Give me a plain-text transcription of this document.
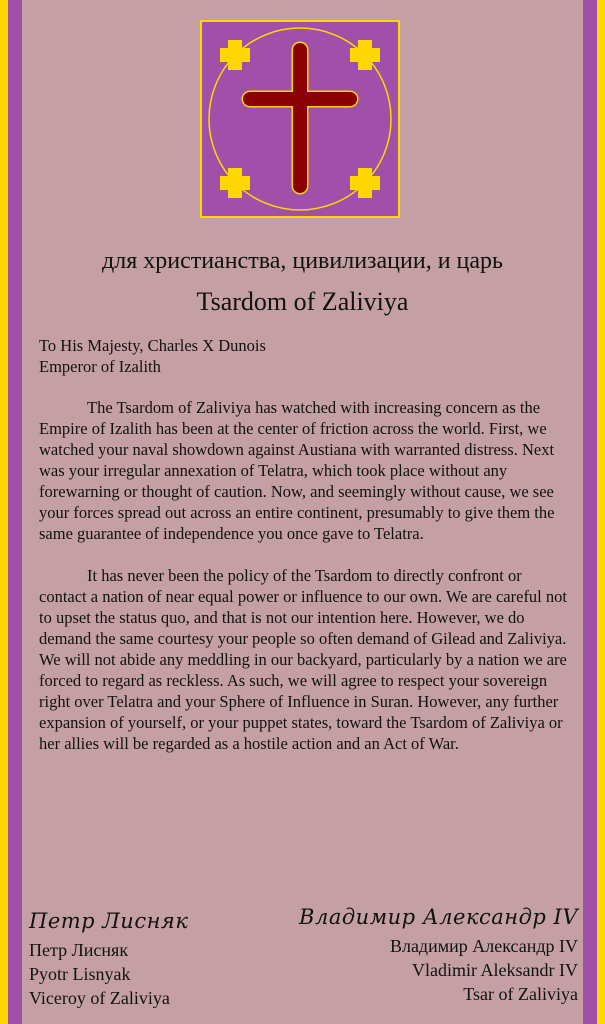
для христианства, цивилизации, и царь
Tsardom of Zaliviya
To His Majesty, Charles X Dunois
Emperor of Izalith

The Tsardom of Zaliviya has watched with increasing concern as the Empire of Izalith has been at the center of friction across the world. First, we watched your naval showdown against Austiana with warranted distress. Next was your irregular annexation of Telatra, which took place without any forewarning or thought of caution. Now, and seemingly without cause, we see your forces spread out across an entire continent, presumably to give them the same guarantee of independence you once gave to Telatra.

It has never been the policy of the Tsardom to directly confront or contact a nation of near equal power or influence to our own. We are careful not to upset the status quo, and that is not our intention here. However, we do demand the same courtesy your people so often demand of Gilead and Zaliviya. We will not abide any meddling in our backyard, particularly by a nation we are forced to regard as reckless. As such, we will agree to respect your sovereign right over Telatra and your Sphere of Influence in Suran. However, any further expansion of yourself, or your puppet states, toward the Tsardom of Zaliviya or her allies will be regarded as a hostile action and an Act of War.

Петр Лисняк
Петр Лисняк
Pyotr Lisnyak
Viceroy of Zaliviya
Владимир Александр IV
Владимир Александр IV
Vladimir Aleksandr IV
Tsar of Zaliviya
